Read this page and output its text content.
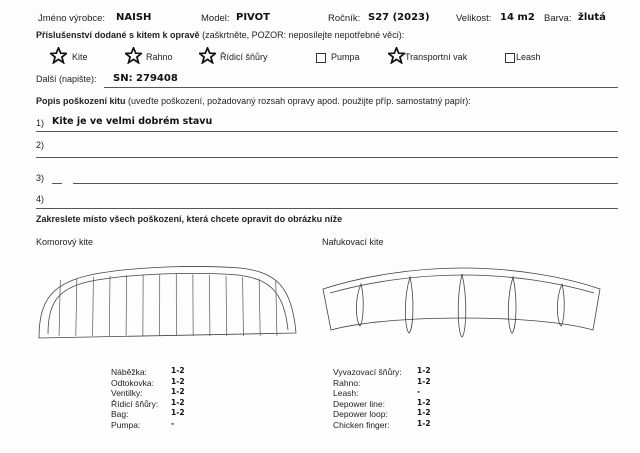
Jméno výrobce: NAISH	Model: PIVOT	Ročník: S27 (2023)	Velikost: 14 m2 Barva: žlutá
Příslušenství dodané s kitem k opravě (zaškrtněte, POZOR: neposílejte nepotřebné věci):
Kite	Rahno	Řídicí šňůry	Pumpa	Transportní vak	Leash
Další (napište): SN: 279408
Popis poškození kitu (uveďte poškození, požadovaný rozsah opravy apod. použijte příp. samostatný papír):
1) Kite je ve velmi dobrém stavu
2)
3)
4)
Zakreslete místo všech poškození, která chcete opravit do obrázku níže
Komorový kite	Nafukovací kite
Náběžka:	1-2
Odtokovka: 1-2
Ventilky:	1-2
Řídicí šňůry: 1-2
Bag:	1-2
Pumpa:	-
Vyvazovací šňůry: 1-2
Rahno:	1-2
Leash:	-
Depower line:	1-2
Depower loop:	1-2
Chicken finger:	1-2
